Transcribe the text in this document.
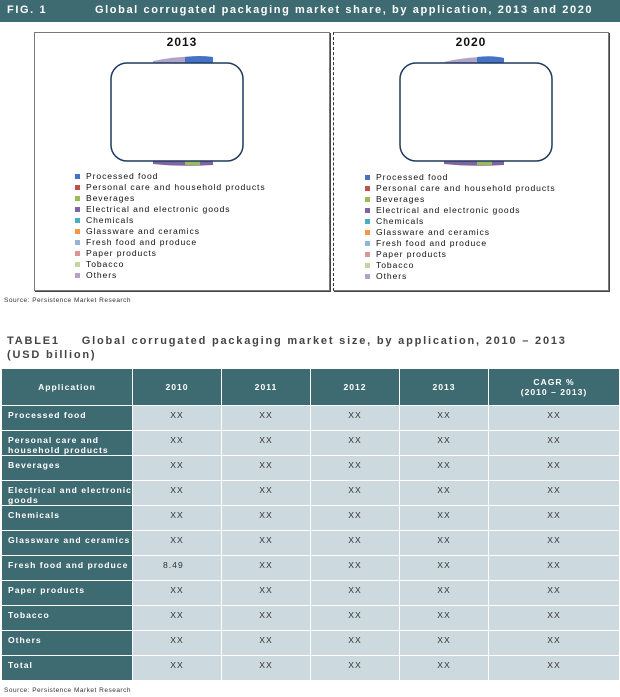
FIG. 1	Global corrugated packaging market share, by application, 2013 and 2020
2013
Processed food
Personal care and household products
Beverages
Electrical and electronic goods
Chemicals
Glassware and ceramics
Fresh food and produce
Paper products
Tobacco
Others
2020
Processed food
Personal care and household products
Beverages
Electrical and electronic goods
Chemicals
Glassware and ceramics
Fresh food and produce
Paper products
Tobacco
Others
Source: Persistence Market Research
TABLE1 Global corrugated packaging market size, by application, 2010 – 2013
(USD billion)
Application	2010	2011	2012	2013	CAGR %
(2010 – 2013)
Processed food	XX	XX	XX	XX	XX
Personal care and household products	XX	XX	XX	XX	XX
Beverages	XX	XX	XX	XX	XX
Electrical and electronic goods	XX	XX	XX	XX	XX
Chemicals	XX	XX	XX	XX	XX
Glassware and ceramics	XX	XX	XX	XX	XX
Fresh food and produce	8.49	XX	XX	XX	XX
Paper products	XX	XX	XX	XX	XX
Tobacco	XX	XX	XX	XX	XX
Others	XX	XX	XX	XX	XX
Total	XX	XX	XX	XX	XX
Source: Persistence Market Research
